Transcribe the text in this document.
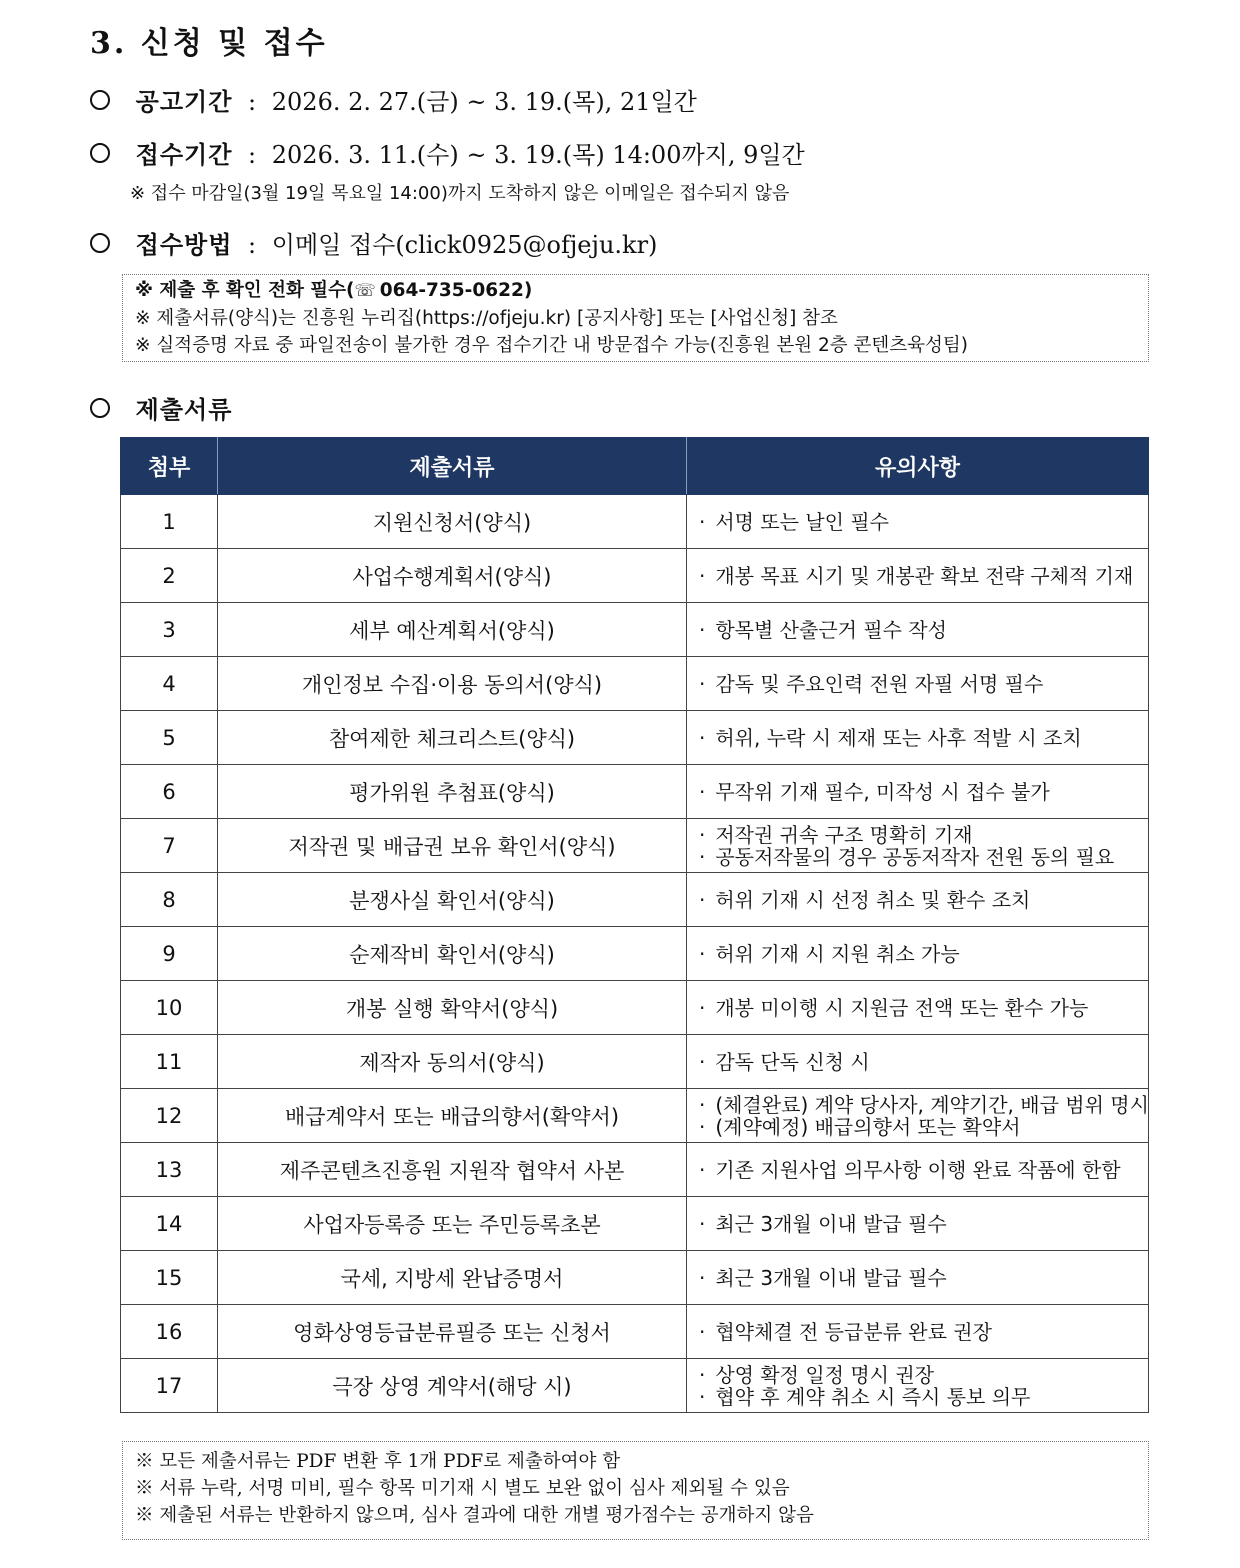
3. 신청 및 접수
공고기간 : 2026. 2. 27.(금) ~ 3. 19.(목), 21일간
접수기간 : 2026. 3. 11.(수) ~ 3. 19.(목) 14:00까지, 9일간
※ 접수 마감일(3월 19일 목요일 14:00)까지 도착하지 않은 이메일은 접수되지 않음
접수방법 : 이메일 접수(click0925@ofjeju.kr)
※ 제출 후 확인 전화 필수(☏ 064-735-0622)
※ 제출서류(양식)는 진흥원 누리집(https://ofjeju.kr) [공지사항] 또는 [사업신청] 참조
※ 실적증명 자료 중 파일전송이 불가한 경우 접수기간 내 방문접수 가능(진흥원 본원 2층 콘텐츠육성팀)
제출서류
첨부	제출서류	유의사항
1	지원신청서(양식)	· 서명 또는 날인 필수

2	사업수행계획서(양식)	· 개봉 목표 시기 및 개봉관 확보 전략 구체적 기재

3	세부 예산계획서(양식)	· 항목별 산출근거 필수 작성

4	개인정보 수집·이용 동의서(양식)	· 감독 및 주요인력 전원 자필 서명 필수

5	참여제한 체크리스트(양식)	· 허위, 누락 시 제재 또는 사후 적발 시 조치

6	평가위원 추첨표(양식)	· 무작위 기재 필수, 미작성 시 접수 불가

7	저작권 및 배급권 보유 확인서(양식)	· 저작권 귀속 구조 명확히 기재
· 공동저작물의 경우 공동저작자 전원 동의 필요

8	분쟁사실 확인서(양식)	· 허위 기재 시 선정 취소 및 환수 조치

9	순제작비 확인서(양식)	· 허위 기재 시 지원 취소 가능

10	개봉 실행 확약서(양식)	· 개봉 미이행 시 지원금 전액 또는 환수 가능

11	제작자 동의서(양식)	· 감독 단독 신청 시

12	배급계약서 또는 배급의향서(확약서)	· (체결완료) 계약 당사자, 계약기간, 배급 범위 명시
· (계약예정) 배급의향서 또는 확약서

13	제주콘텐츠진흥원 지원작 협약서 사본	· 기존 지원사업 의무사항 이행 완료 작품에 한함

14	사업자등록증 또는 주민등록초본	· 최근 3개월 이내 발급 필수

15	국세, 지방세 완납증명서	· 최근 3개월 이내 발급 필수

16	영화상영등급분류필증 또는 신청서	· 협약체결 전 등급분류 완료 권장

17	극장 상영 계약서(해당 시)	· 상영 확정 일정 명시 권장
· 협약 후 계약 취소 시 즉시 통보 의무
※ 모든 제출서류는 PDF 변환 후 1개 PDF로 제출하여야 함
※ 서류 누락, 서명 미비, 필수 항목 미기재 시 별도 보완 없이 심사 제외될 수 있음
※ 제출된 서류는 반환하지 않으며, 심사 결과에 대한 개별 평가점수는 공개하지 않음
